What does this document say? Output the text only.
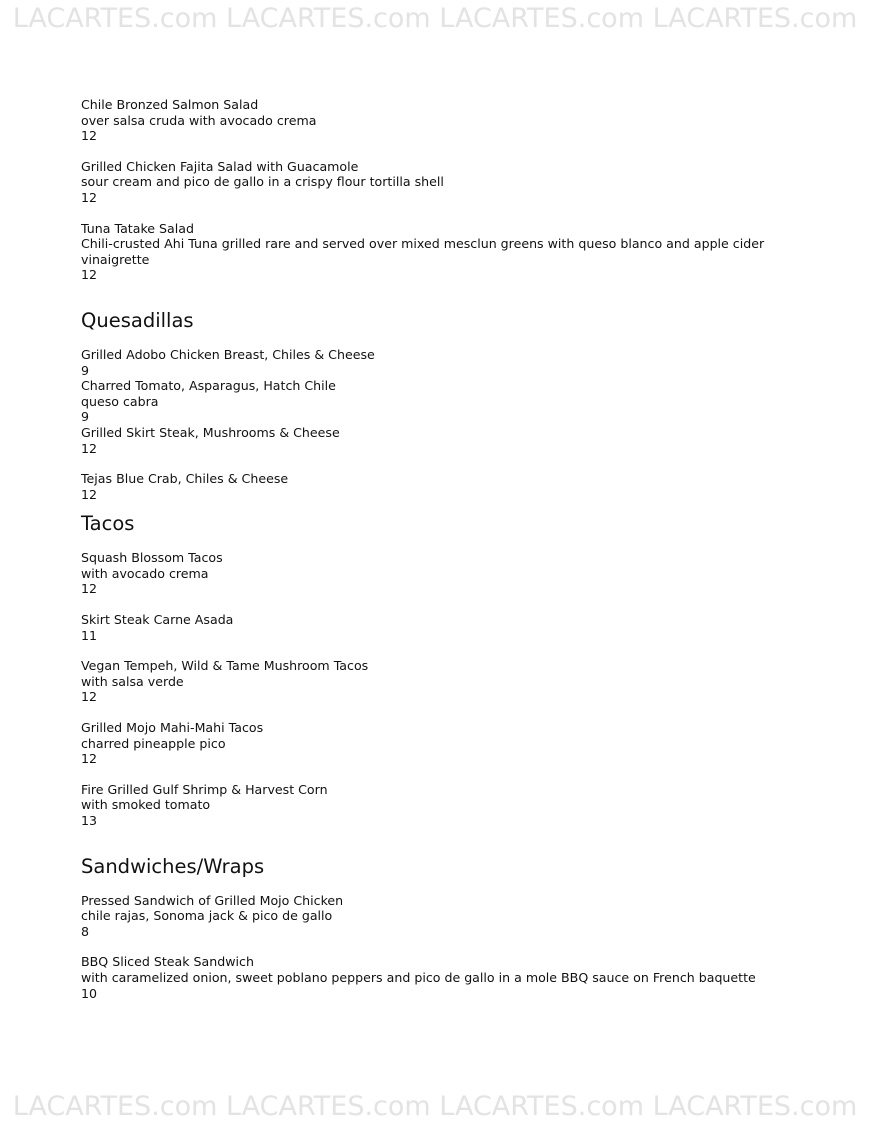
LACARTES.com LACARTES.com LACARTES.com LACARTES.com
Chile Bronzed Salmon Salad
over salsa cruda with avocado crema
12
Grilled Chicken Fajita Salad with Guacamole
sour cream and pico de gallo in a crispy flour tortilla shell
12
Tuna Tatake Salad
Chili-crusted Ahi Tuna grilled rare and served over mixed mesclun greens with queso blanco and apple cider vinaigrette
12
Quesadillas
Grilled Adobo Chicken Breast, Chiles & Cheese
9
Charred Tomato, Asparagus, Hatch Chile
queso cabra
9
Grilled Skirt Steak, Mushrooms & Cheese
12
Tejas Blue Crab, Chiles & Cheese
12
Tacos
Squash Blossom Tacos
with avocado crema
12
Skirt Steak Carne Asada
11
Vegan Tempeh, Wild & Tame Mushroom Tacos
with salsa verde
12
Grilled Mojo Mahi-Mahi Tacos
charred pineapple pico
12
Fire Grilled Gulf Shrimp & Harvest Corn
with smoked tomato
13
Sandwiches/Wraps
Pressed Sandwich of Grilled Mojo Chicken
chile rajas, Sonoma jack & pico de gallo
8
BBQ Sliced Steak Sandwich
with caramelized onion, sweet poblano peppers and pico de gallo in a mole BBQ sauce on French baquette
10
LACARTES.com LACARTES.com LACARTES.com LACARTES.com
